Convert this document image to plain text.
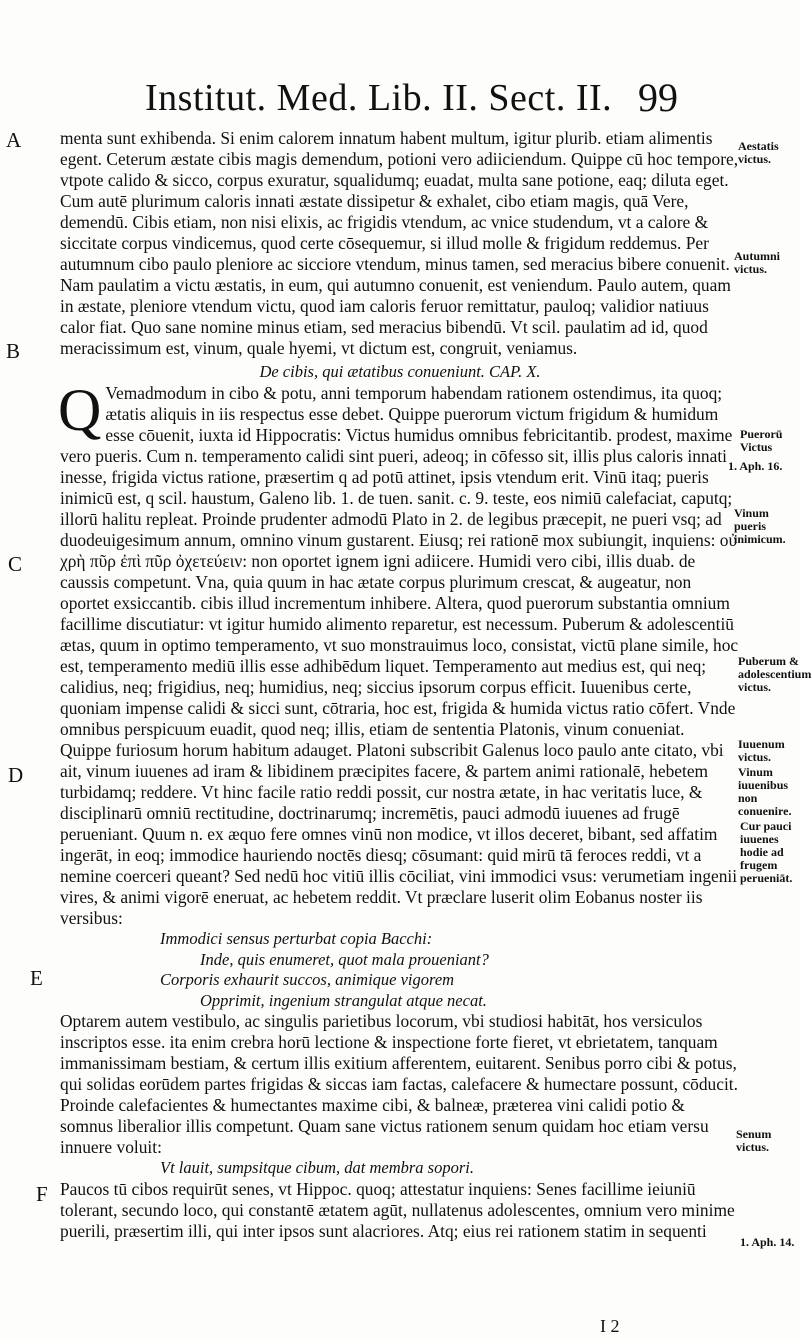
Institut. Med. Lib. II. Sect. II. 99
A
B
C
D
E
F
Aestatis victus.
Autumni victus.
Puerorū Victus
1. Aph. 16.
Vinum pueris inimicum.
Puberum & adolescentium victus.
Iuuenum victus.
Vinum iuuenibus non conuenire.
Cur pauci iuuenes hodie ad frugem perueniāt.
Senum victus.
1. Aph. 14.

menta sunt exhibenda. Si enim calorem innatum habent multum, igitur plurib. etiam alimentis egent. Ceterum æstate cibis magis demendum, potioni vero adiiciendum. Quippe cū hoc tempore, vtpote calido & sicco, corpus exuratur, squalidumq; euadat, multa sane potione, eaq; diluta eget. Cum autē plurimum caloris innati æstate dissipetur & exhalet, cibo etiam magis, quā Vere, demendū. Cibis etiam, non nisi elixis, ac frigidis vtendum, ac vnice studendum, vt a calore & siccitate corpus vindicemus, quod certe cōsequemur, si illud molle & frigidum reddemus. Per autumnum cibo paulo pleniore ac sicciore vtendum, minus tamen, sed meracius bibere conuenit. Nam paulatim a victu æstatis, in eum, qui autumno conuenit, est veniendum. Paulo autem, quam in æstate, pleniore vtendum victu, quod iam caloris feruor remittatur, pauloq; validior natiuus calor fiat. Quo sane nomine minus etiam, sed meracius bibendū. Vt scil. paulatim ad id, quod meracissimum est, vinum, quale hyemi, vt dictum est, congruit, veniamus.

De cibis, qui ætatibus conueniunt. CAP. X.

Q Vemadmodum in cibo & potu, anni temporum habendam rationem ostendimus, ita quoq; ætatis aliquis in iis respectus esse debet. Quippe puerorum victum frigidum & humidum esse cōuenit, iuxta id Hippocratis: Victus humidus omnibus febricitantib. prodest, maxime vero pueris. Cum n. temperamento calidi sint pueri, adeoq; in cōfesso sit, illis plus caloris innati inesse, frigida victus ratione, præsertim q ad potū attinet, ipsis vtendum erit. Vinū itaq; pueris inimicū est, q scil. haustum, Galeno lib. 1. de tuen. sanit. c. 9. teste, eos nimiū calefaciat, caputq; illorū halitu repleat. Proinde prudenter admodū Plato in 2. de legibus præcepit, ne pueri vsq; ad duodeuigesimum annum, omnino vinum gustarent. Eiusq; rei rationē mox subiungit, inquiens: οὐ χρὴ πῦρ ἐπὶ πῦρ ὀχετεύειν: non oportet ignem igni adiicere. Humidi vero cibi, illis duab. de caussis competunt. Vna, quia quum in hac ætate corpus plurimum crescat, & augeatur, non oportet exsiccantib. cibis illud incrementum inhibere. Altera, quod puerorum substantia omnium facillime discutiatur: vt igitur humido alimento reparetur, est necessum. Puberum & adolescentiū ætas, quum in optimo temperamento, vt suo monstrauimus loco, consistat, victū plane simile, hoc est, temperamento mediū illis esse adhibēdum liquet. Temperamento aut medius est, qui neq; calidius, neq; frigidius, neq; humidius, neq; siccius ipsorum corpus efficit. Iuuenibus certe, quoniam impense calidi & sicci sunt, cōtraria, hoc est, frigida & humida victus ratio cōfert. Vnde omnibus perspicuum euadit, quod neq; illis, etiam de sententia Platonis, vinum conueniat. Quippe furiosum horum habitum adauget. Platoni subscribit Galenus loco paulo ante citato, vbi ait, vinum iuuenes ad iram & libidinem præcipites facere, & partem animi rationalē, hebetem turbidamq; reddere. Vt hinc facile ratio reddi possit, cur nostra ætate, in hac veritatis luce, & disciplinarū omniū rectitudine, doctrinarumq; incremētis, pauci admodū iuuenes ad frugē perueniant. Quum n. ex æquo fere omnes vinū non modice, vt illos deceret, bibant, sed affatim ingerāt, in eoq; immodice hauriendo noctēs diesq; cōsumant: quid mirū tā feroces reddi, vt a nemine coerceri queant? Sed nedū hoc vitiū illis cōciliat, vini immodici vsus: verumetiam ingenii vires, & animi vigorē eneruat, ac hebetem reddit. Vt præclare luserit olim Eobanus noster iis versibus:

Immodici sensus perturbat copia Bacchi:
Inde, quis enumeret, quot mala proueniant?
Corporis exhaurit succos, animique vigorem
Opprimit, ingenium strangulat atque necat.

Optarem autem vestibulo, ac singulis parietibus locorum, vbi studiosi habitāt, hos versiculos inscriptos esse. ita enim crebra horū lectione & inspectione forte fieret, vt ebrietatem, tanquam immanissimam bestiam, & certum illis exitium afferentem, euitarent. Senibus porro cibi & potus, qui solidas eorūdem partes frigidas & siccas iam factas, calefacere & humectare possunt, cōducit. Proinde calefacientes & humectantes maxime cibi, & balneæ, præterea vini calidi potio & somnus liberalior illis competunt. Quam sane victus rationem senum quidam hoc etiam versu innuere voluit:

Vt lauit, sumpsitque cibum, dat membra sopori.

Paucos tū cibos requirūt senes, vt Hippoc. quoq; attestatur inquiens: Senes facillime ieiuniū tolerant, secundo loco, qui constantē ætatem agūt, nullatenus adolescentes, omnium vero minime puerili, præsertim illi, qui inter ipsos sunt alacriores. Atq; eius rei rationem statim in sequenti

I 2
